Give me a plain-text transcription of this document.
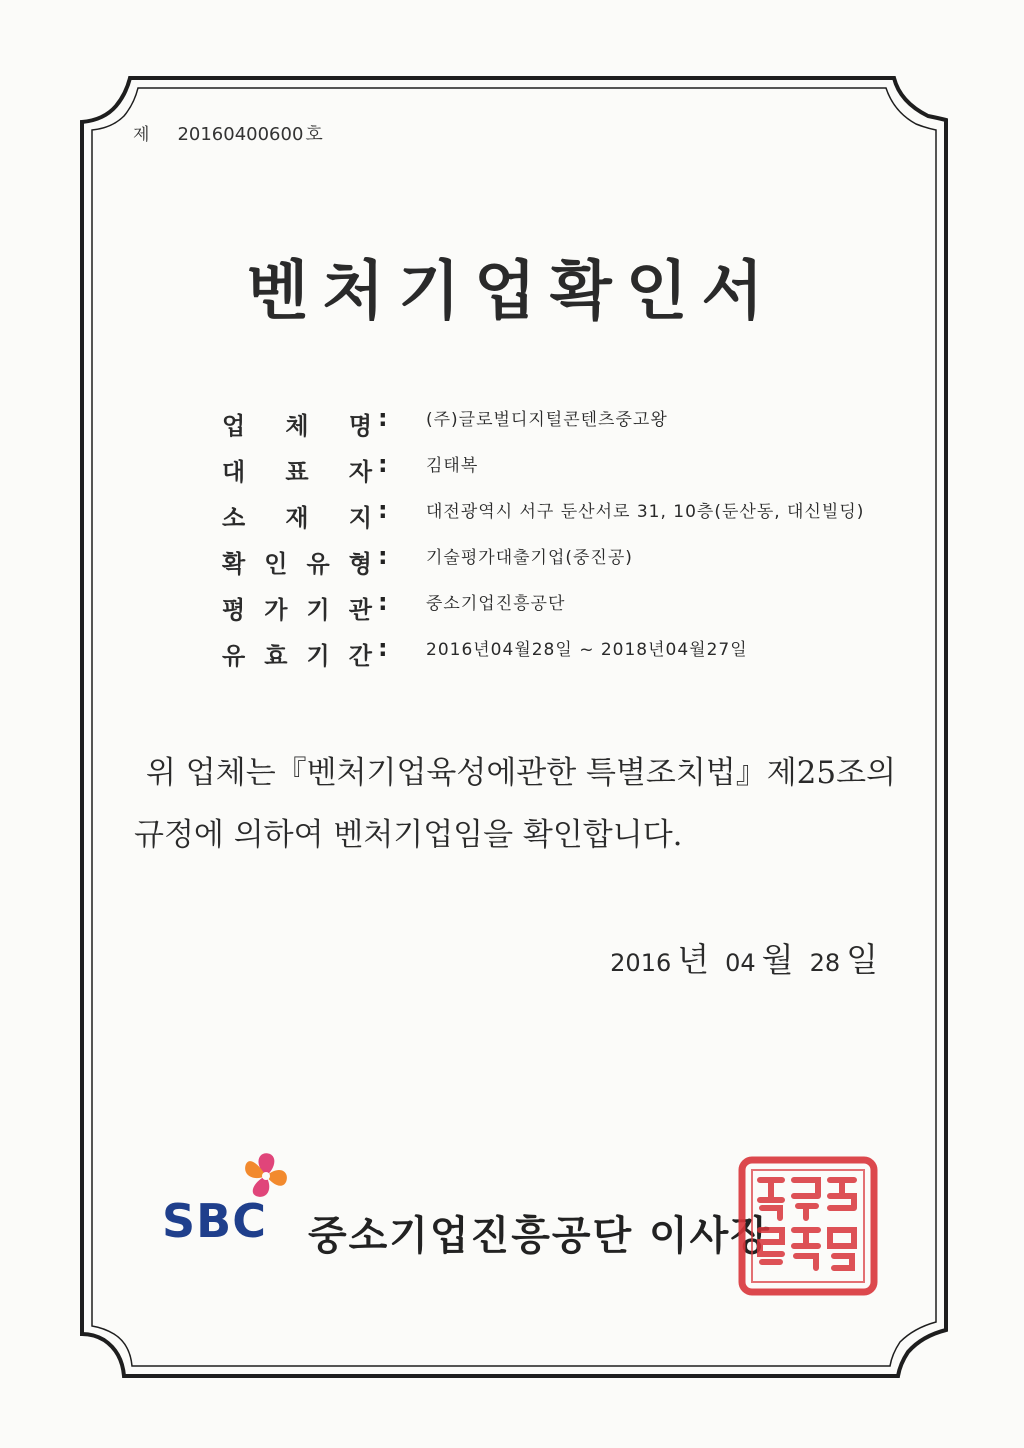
제 20160400600 호
벤처기업확인서
업 체 명 : (주)글로벌디지털콘텐츠중고왕
대 표 자 : 김태복
소 재 지 : 대전광역시 서구 둔산서로 31, 10층(둔산동, 대신빌딩)
확 인 유 형 : 기술평가대출기업(중진공)
평 가 기 관 : 중소기업진흥공단
유 효 기 간 : 2016년04월28일 ~ 2018년04월27일
위 업체는『벤처기업육성에관한 특별조치법』제25조의
규정에 의하여 벤처기업임을 확인합니다.
2016 년 04 월 28 일
SBC 중소기업진흥공단 이사장
